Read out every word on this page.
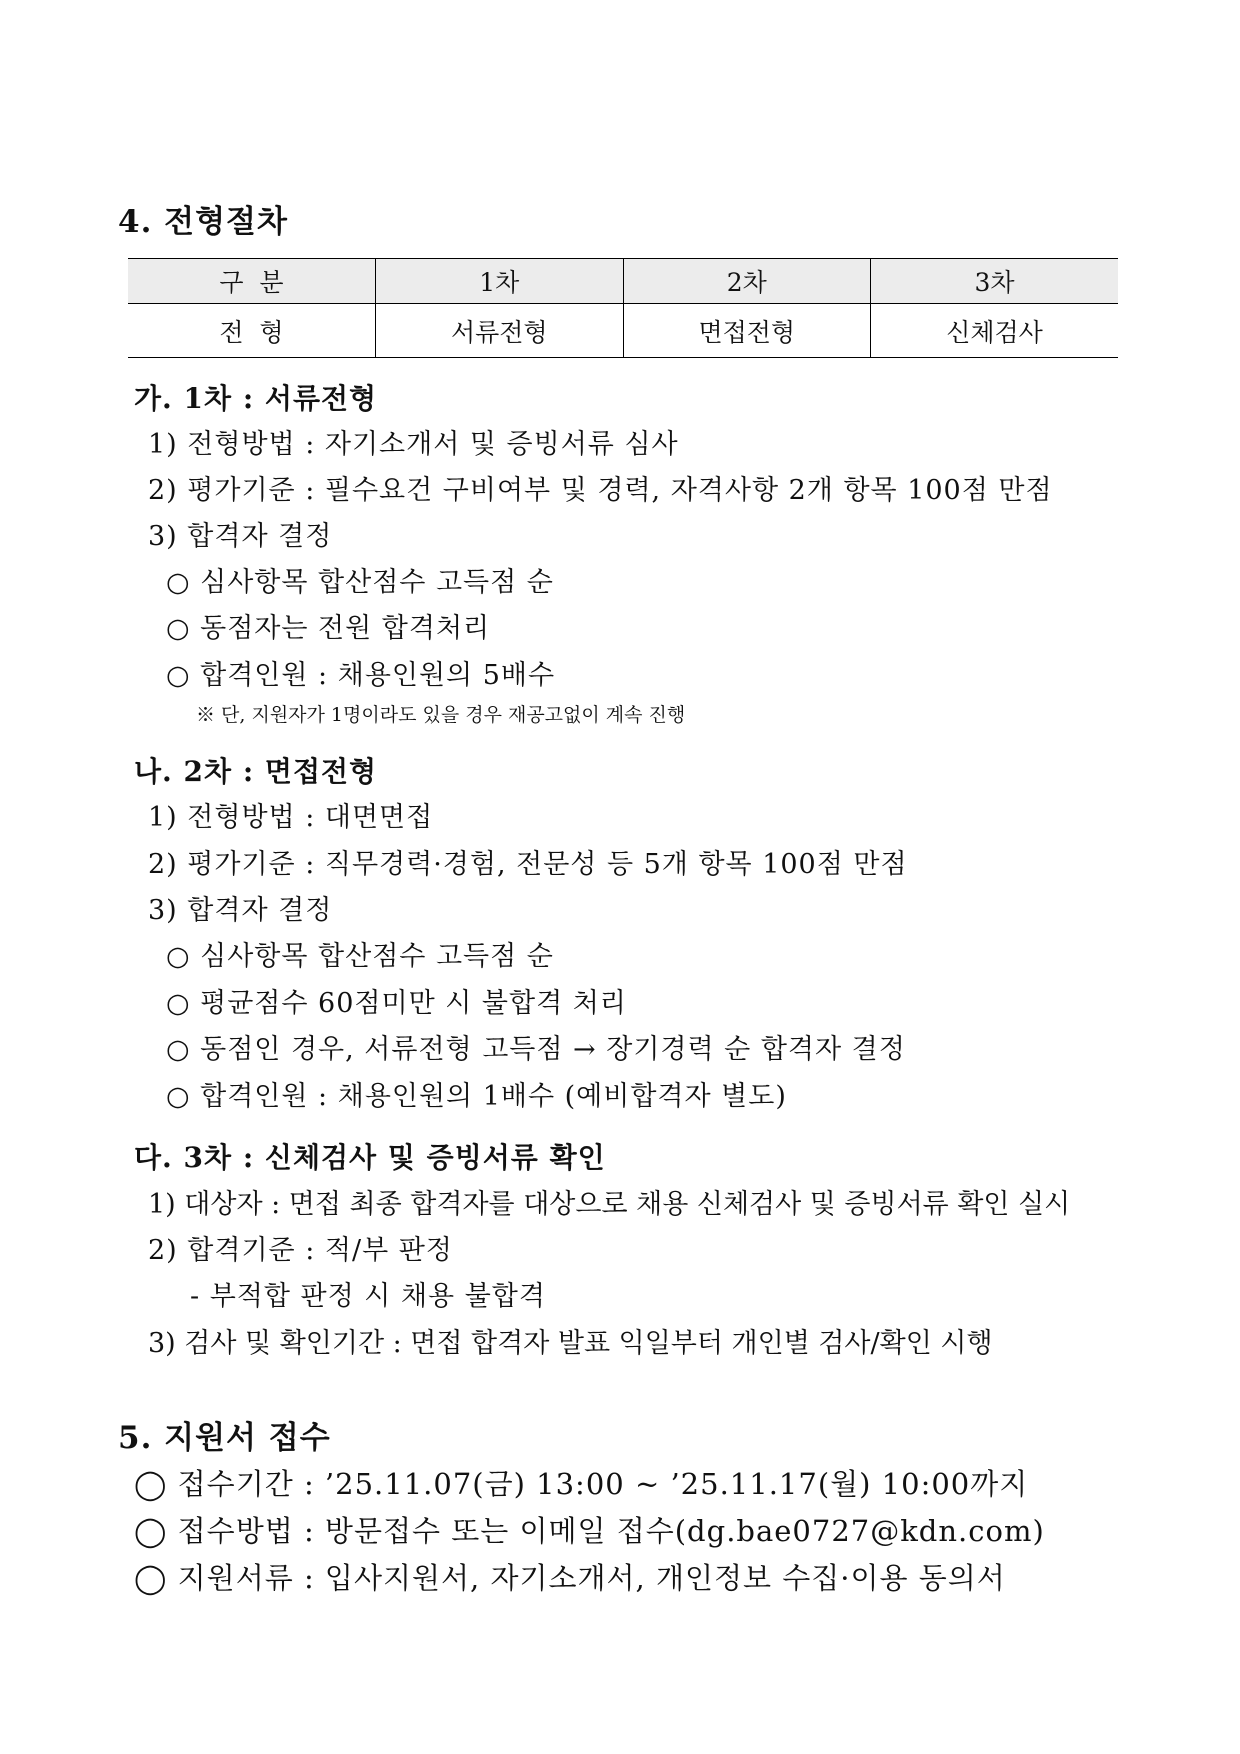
4. 전형절차
구  분	1차	2차	3차
전  형	서류전형	면접전형	신체검사
가. 1차 : 서류전형
1) 전형방법 : 자기소개서 및 증빙서류 심사
2) 평가기준 : 필수요건 구비여부 및 경력, 자격사항 2개 항목 100점 만점
3) 합격자 결정
○ 심사항목 합산점수 고득점 순
○ 동점자는 전원 합격처리
○ 합격인원 : 채용인원의 5배수
※ 단, 지원자가 1명이라도 있을 경우 재공고없이 계속 진행
나. 2차 : 면접전형
1) 전형방법 : 대면면접
2) 평가기준 : 직무경력·경험, 전문성 등 5개 항목 100점 만점
3) 합격자 결정
○ 심사항목 합산점수 고득점 순
○ 평균점수 60점미만 시 불합격 처리
○ 동점인 경우, 서류전형 고득점 → 장기경력 순 합격자 결정
○ 합격인원 : 채용인원의 1배수 (예비합격자 별도)
다. 3차 : 신체검사 및 증빙서류 확인
1) 대상자 : 면접 최종 합격자를 대상으로 채용 신체검사 및 증빙서류 확인 실시
2) 합격기준 : 적/부 판정
- 부적합 판정 시 채용 불합격
3) 검사 및 확인기간 : 면접 합격자 발표 익일부터 개인별 검사/확인 시행
5. 지원서 접수
◯ 접수기간 : ’25.11.07(금) 13:00 ~ ’25.11.17(월) 10:00까지
◯ 접수방법 : 방문접수 또는 이메일 접수(dg.bae0727@kdn.com)
◯ 지원서류 : 입사지원서, 자기소개서, 개인정보 수집·이용 동의서
